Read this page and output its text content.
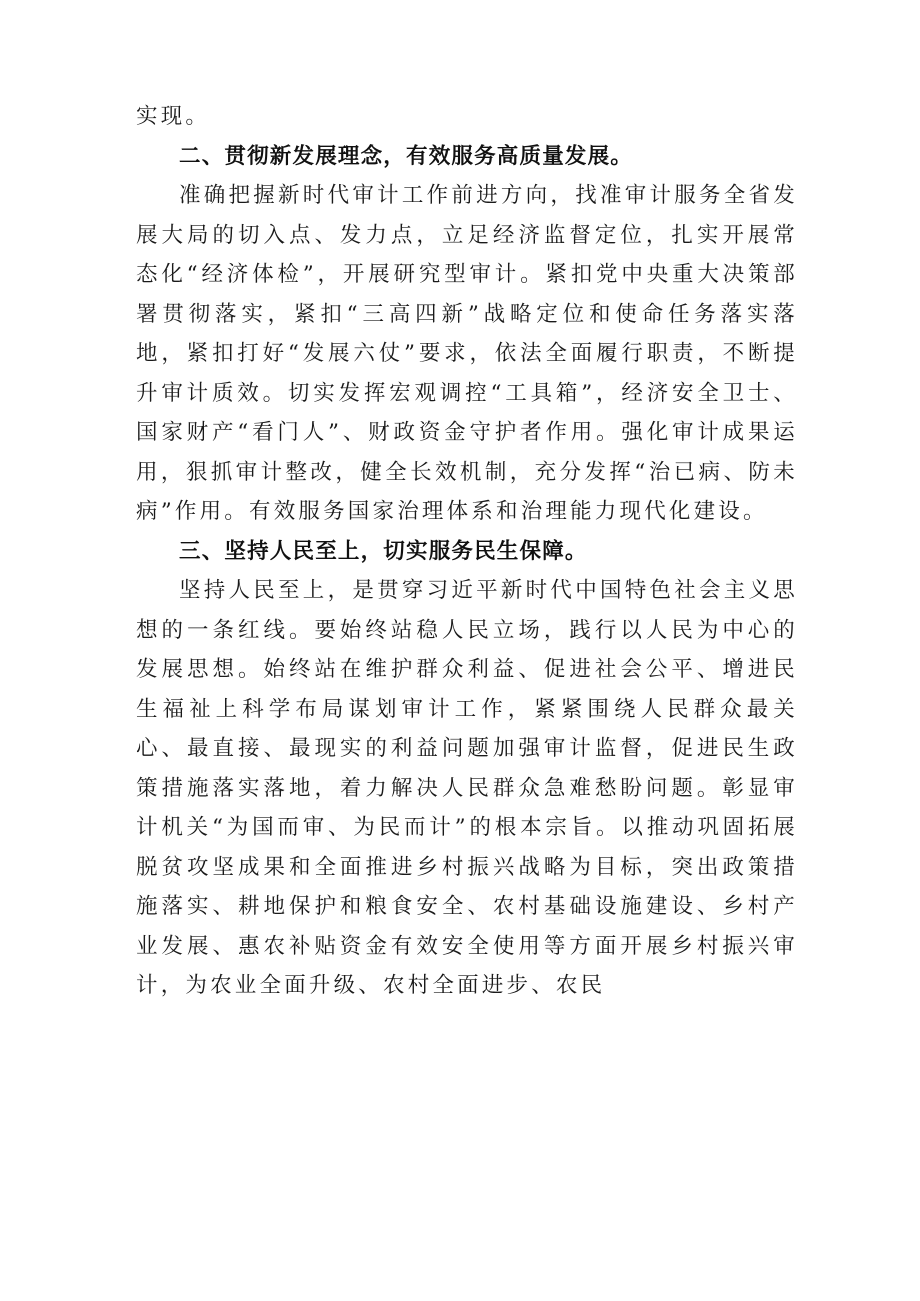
实现。

二、贯彻新发展理念，有效服务高质量发展。

准确把握新时代审计工作前进方向，找准审计服务全省发展大局的切入点、发力点，立足经济监督定位，扎实开展常态化“经济体检”，开展研究型审计。紧扣党中央重大决策部署贯彻落实，紧扣“三高四新”战略定位和使命任务落实落地，紧扣打好“发展六仗”要求，依法全面履行职责，不断提升审计质效。切实发挥宏观调控“工具箱”，经济安全卫士、国家财产“看门人”、财政资金守护者作用。强化审计成果运用，狠抓审计整改，健全长效机制，充分发挥“治已病、防未病”作用。有效服务国家治理体系和治理能力现代化建设。

三、坚持人民至上，切实服务民生保障。

坚持人民至上，是贯穿习近平新时代中国特色社会主义思想的一条红线。要始终站稳人民立场，践行以人民为中心的发展思想。始终站在维护群众利益、促进社会公平、增进民生福祉上科学布局谋划审计工作，紧紧围绕人民群众最关心、最直接、最现实的利益问题加强审计监督，促进民生政策措施落实落地，着力解决人民群众急难愁盼问题。彰显审计机关“为国而审、为民而计”的根本宗旨。以推动巩固拓展脱贫攻坚成果和全面推进乡村振兴战略为目标，突出政策措施落实、耕地保护和粮食安全、农村基础设施建设、乡村产业发展、惠农补贴资金有效安全使用等方面开展乡村振兴审计，为农业全面升级、农村全面进步、农民
